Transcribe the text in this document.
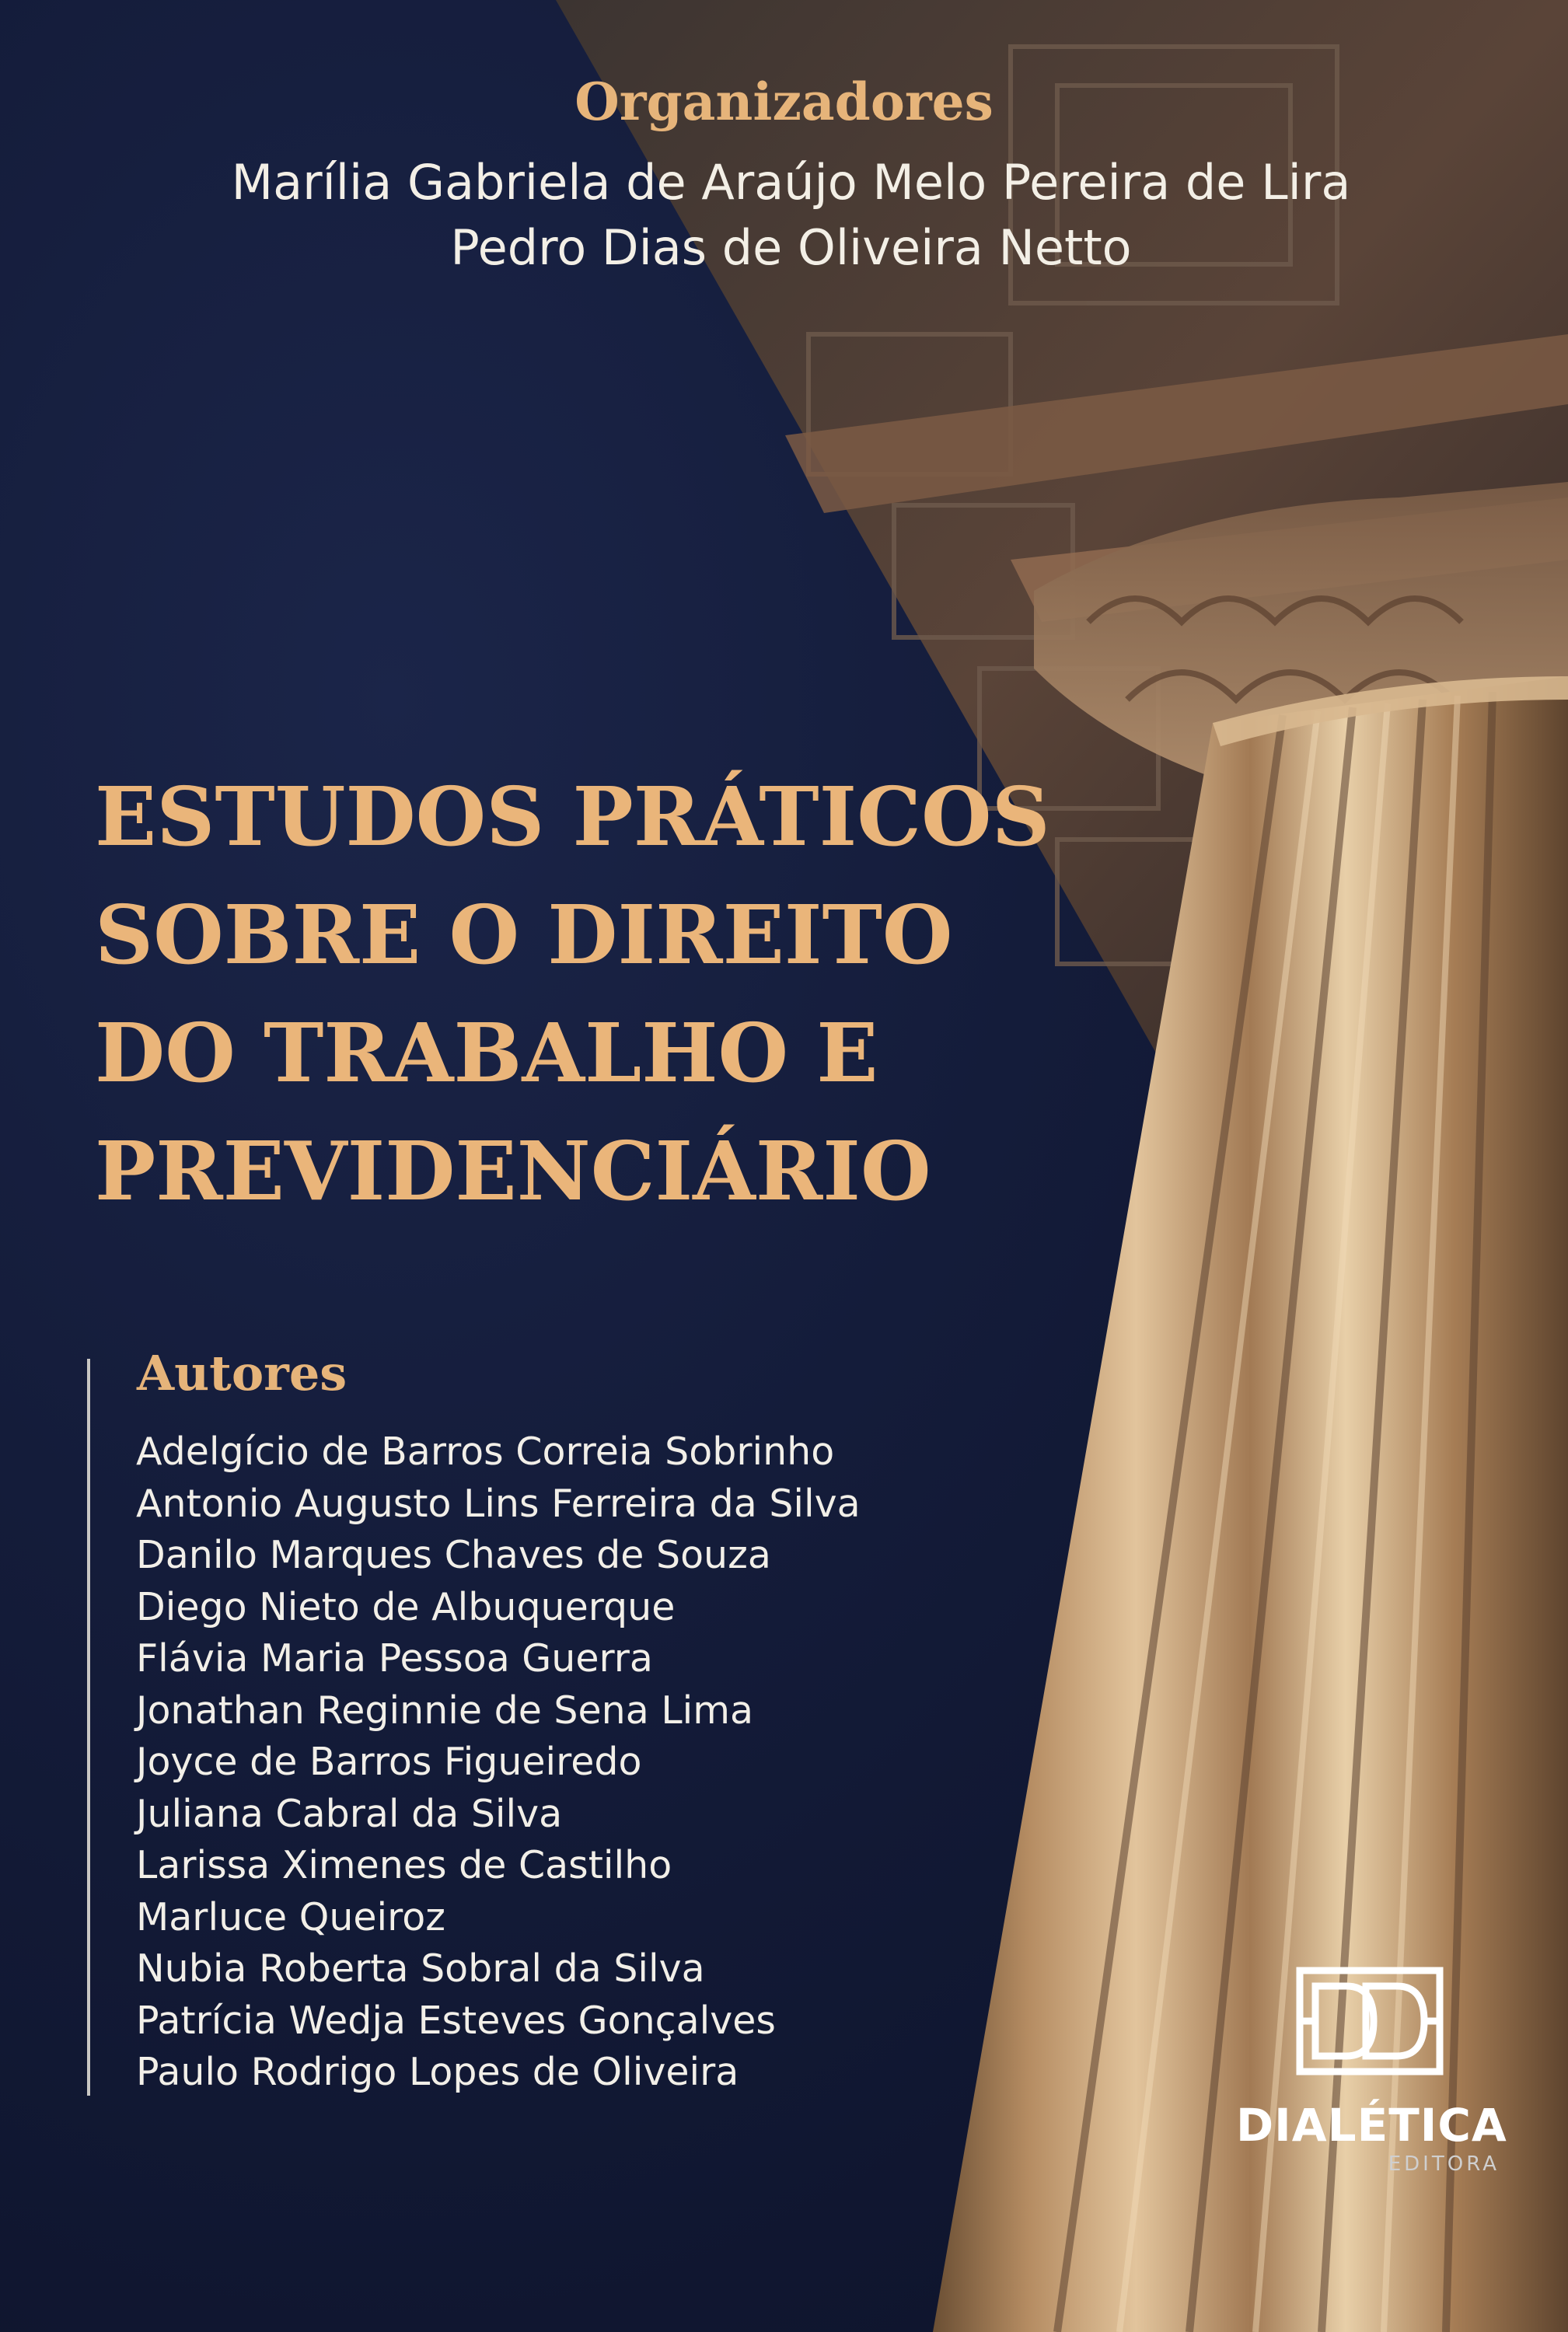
Organizadores

Marília Gabriela de Araújo Melo Pereira de Lira

Pedro Dias de Oliveira Netto

ESTUDOS PRÁTICOS
SOBRE O DIREITO
DO TRABALHO E
PREVIDENCIÁRIO
Autores
Adelgício de Barros Correia Sobrinho
Antonio Augusto Lins Ferreira da Silva
Danilo Marques Chaves de Souza
Diego Nieto de Albuquerque
Flávia Maria Pessoa Guerra
Jonathan Reginnie de Sena Lima
Joyce de Barros Figueiredo
Juliana Cabral da Silva
Larissa Ximenes de Castilho
Marluce Queiroz
Nubia Roberta Sobral da Silva
Patrícia Wedja Esteves Gonçalves
Paulo Rodrigo Lopes de Oliveira

DIALÉTICA

EDITORA
